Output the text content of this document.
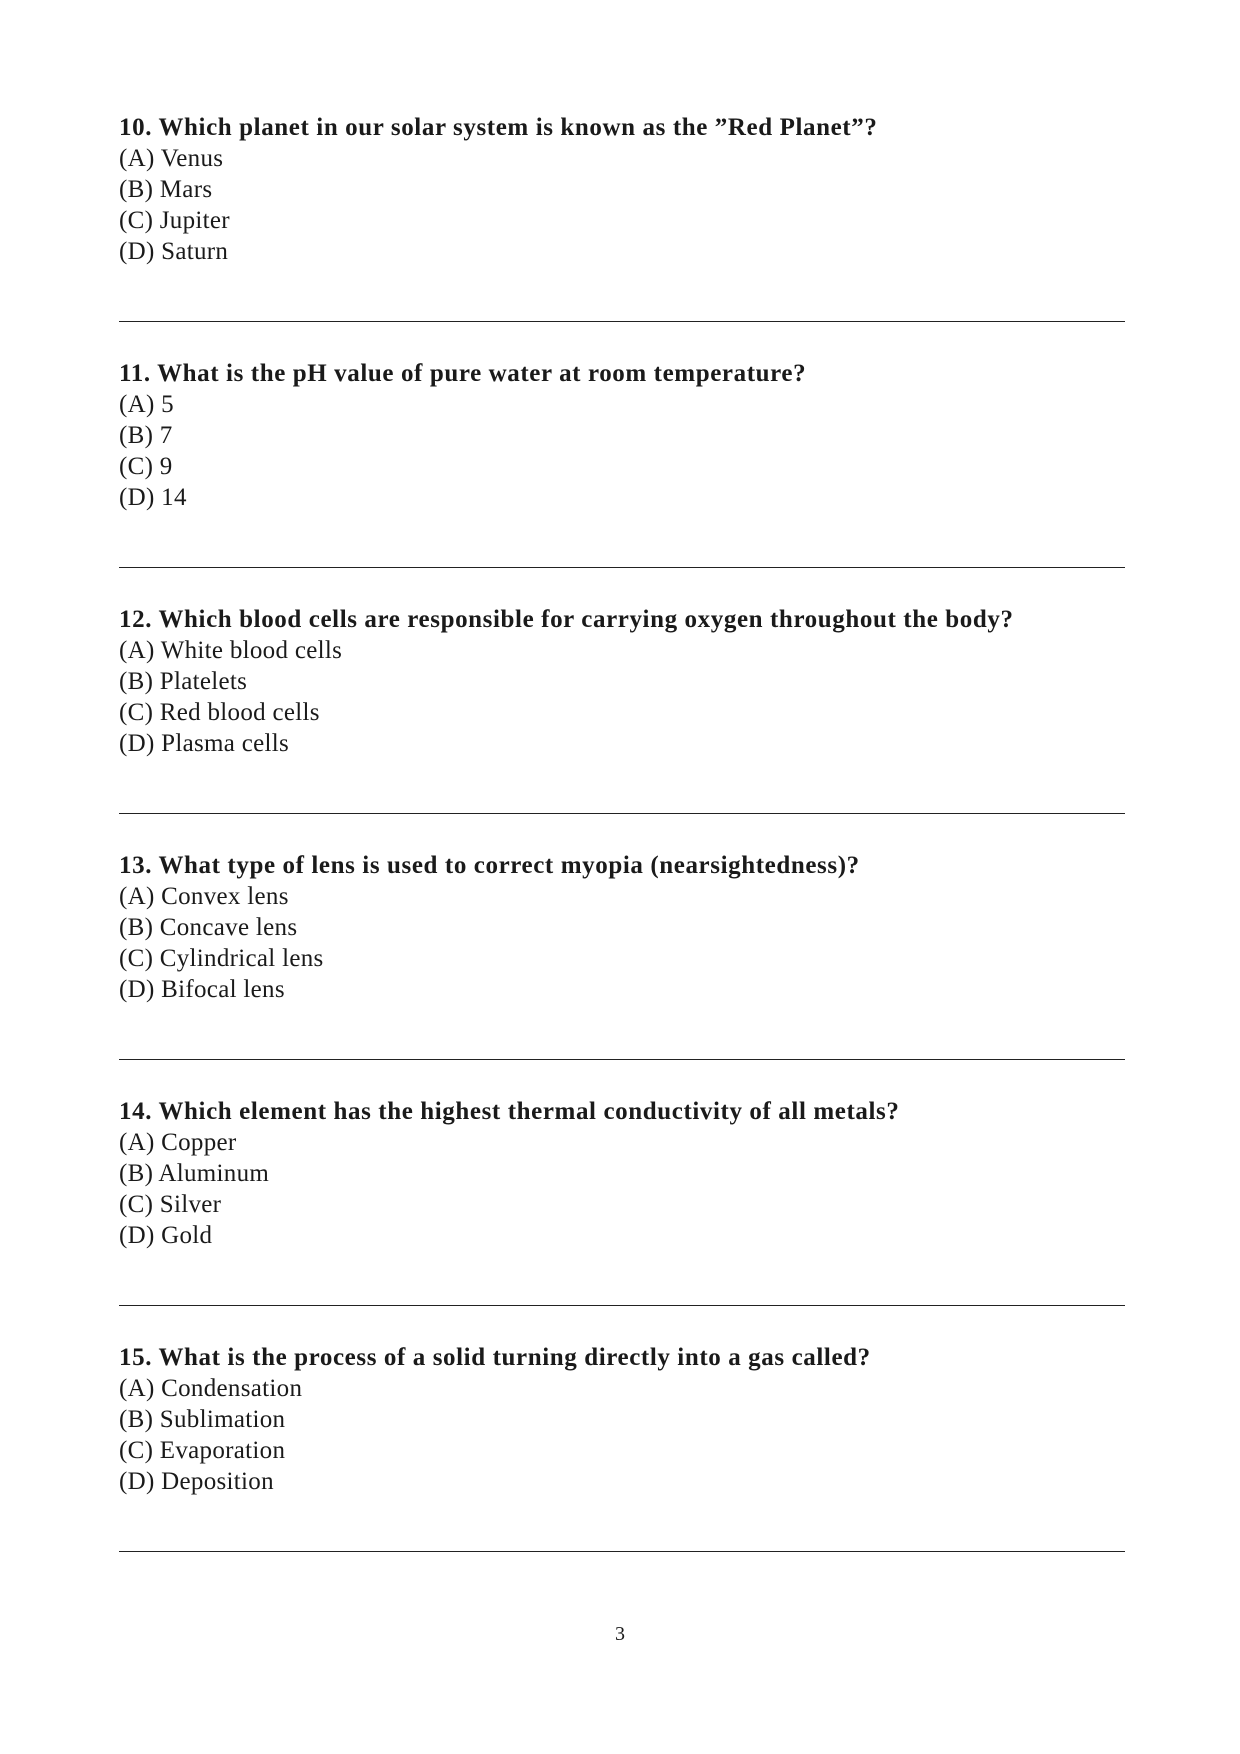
10. Which planet in our solar system is known as the ”Red Planet”?
(A) Venus
(B) Mars
(C) Jupiter
(D) Saturn
11. What is the pH value of pure water at room temperature?
(A) 5
(B) 7
(C) 9
(D) 14
12. Which blood cells are responsible for carrying oxygen throughout the body?
(A) White blood cells
(B) Platelets
(C) Red blood cells
(D) Plasma cells
13. What type of lens is used to correct myopia (nearsightedness)?
(A) Convex lens
(B) Concave lens
(C) Cylindrical lens
(D) Bifocal lens
14. Which element has the highest thermal conductivity of all metals?
(A) Copper
(B) Aluminum
(C) Silver
(D) Gold
15. What is the process of a solid turning directly into a gas called?
(A) Condensation
(B) Sublimation
(C) Evaporation
(D) Deposition
3
